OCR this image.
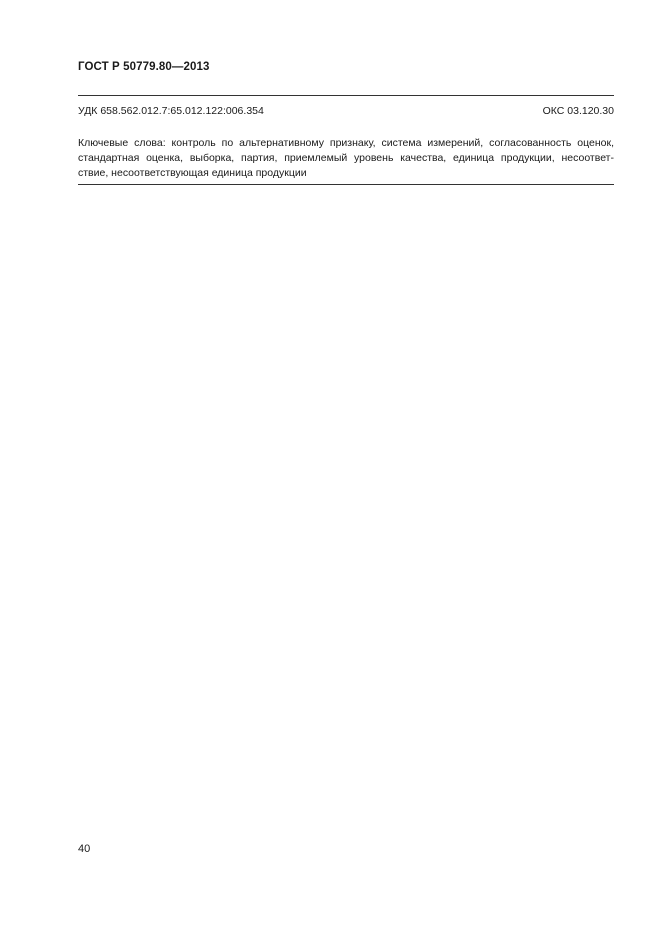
ГОСТ Р 50779.80—2013
УДК 658.562.012.7:65.012.122:006.354	ОКС 03.120.30
Ключевые слова: контроль по альтернативному признаку, система измерений, согласованность оценок,
стандартная оценка, выборка, партия, приемлемый уровень качества, единица продукции, несоответ-
ствие, несоответствующая единица продукции
40
